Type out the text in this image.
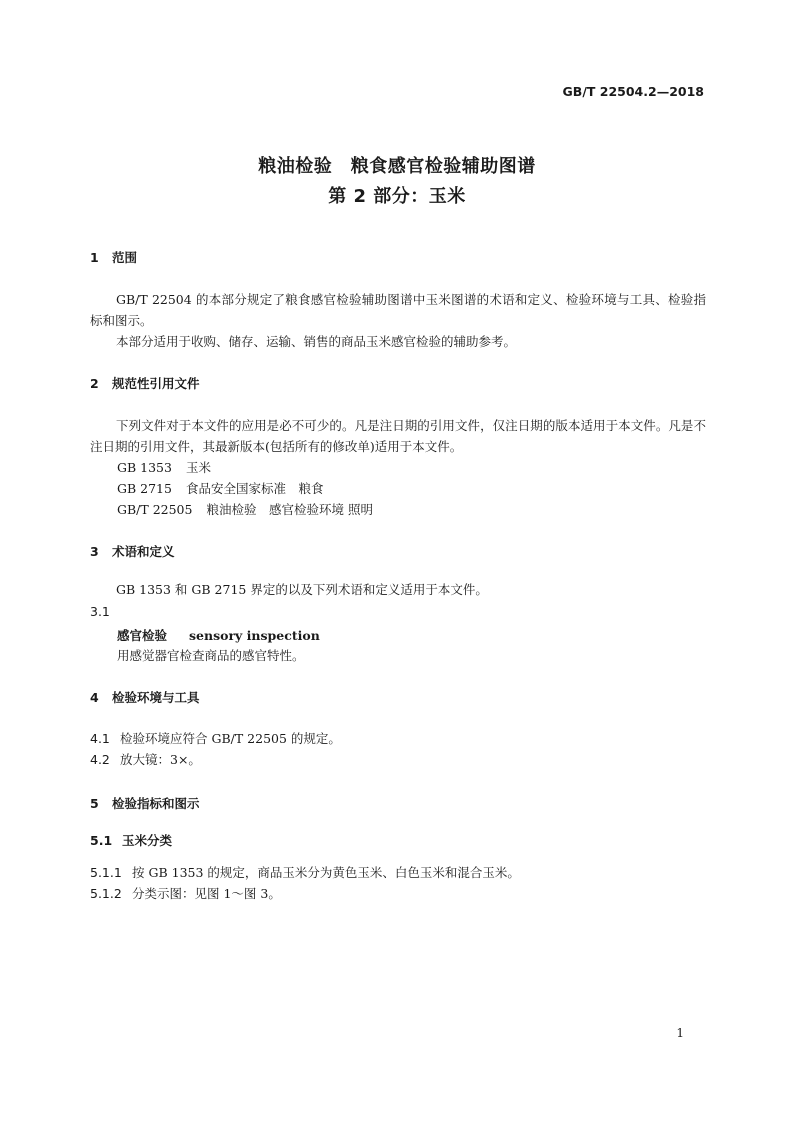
GB/T 22504.2—2018
粮油检验　粮食感官检验辅助图谱
第 2 部分：玉米
1 范围
GB/T 22504 的本部分规定了粮食感官检验辅助图谱中玉米图谱的术语和定义、检验环境与工具、检验指标和图示。
本部分适用于收购、储存、运输、销售的商品玉米感官检验的辅助参考。
2 规范性引用文件
下列文件对于本文件的应用是必不可少的。凡是注日期的引用文件，仅注日期的版本适用于本文件。凡是不注日期的引用文件，其最新版本(包括所有的修改单)适用于本文件。
GB 1353 玉米
GB 2715 食品安全国家标准　粮食
GB/T 22505 粮油检验　感官检验环境 照明
3 术语和定义
GB 1353 和 GB 2715 界定的以及下列术语和定义适用于本文件。
3.1
感官检验 sensory inspection
用感觉器官检查商品的感官特性。
4 检验环境与工具
4.1 检验环境应符合 GB/T 22505 的规定。
4.2 放大镜：3×。
5 检验指标和图示
5.1 玉米分类
5.1.1 按 GB 1353 的规定，商品玉米分为黄色玉米、白色玉米和混合玉米。
5.1.2 分类示图：见图 1～图 3。
1
